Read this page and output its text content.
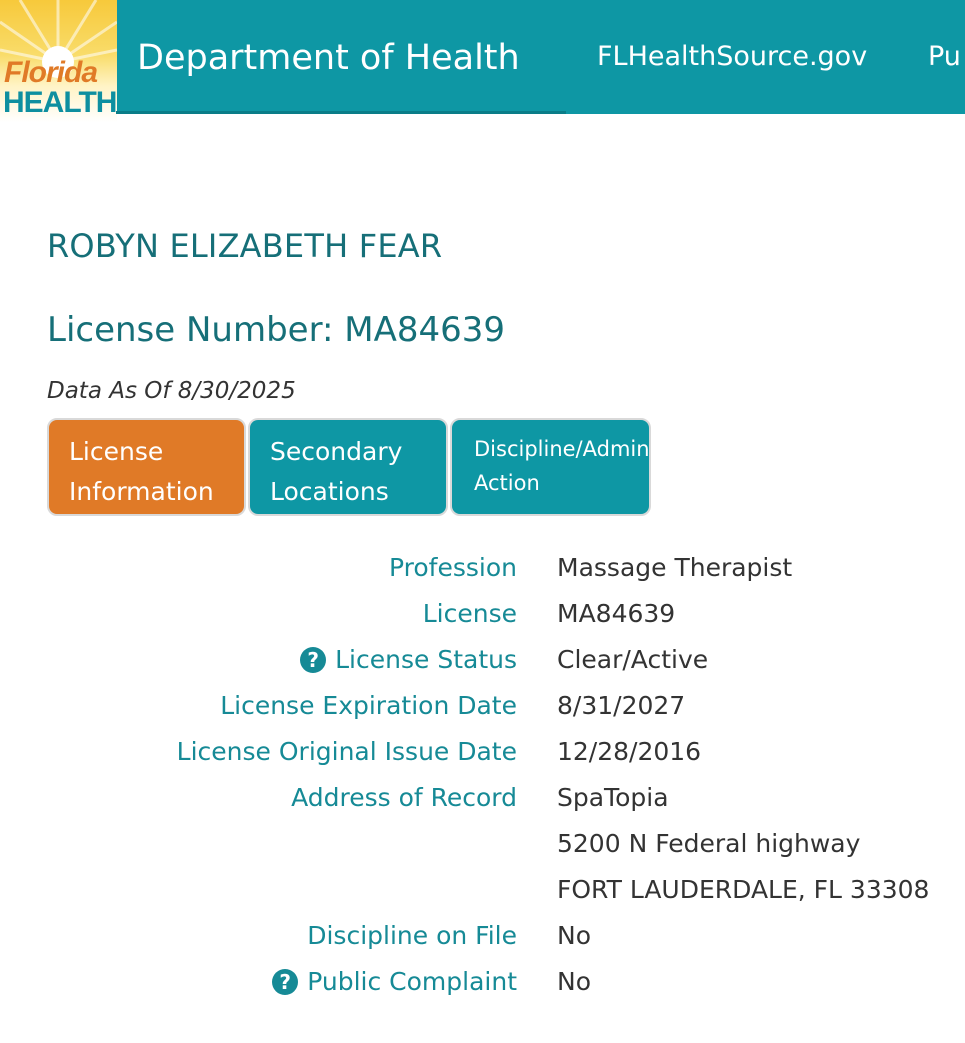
Florida
HEALTH
Department of Health	FLHealthSource.gov Pu
ROBYN ELIZABETH FEAR
License Number: MA84639
Data As Of 8/30/2025
License
Information
Secondary
Locations
Discipline/Admin
Action
Profession Massage Therapist
License MA84639
? License Status Clear/Active
License Expiration Date 8/31/2027
License Original Issue Date 12/28/2016
Address of Record SpaTopia
5200 N Federal highway
FORT LAUDERDALE, FL 33308
Discipline on File No
? Public Complaint No
